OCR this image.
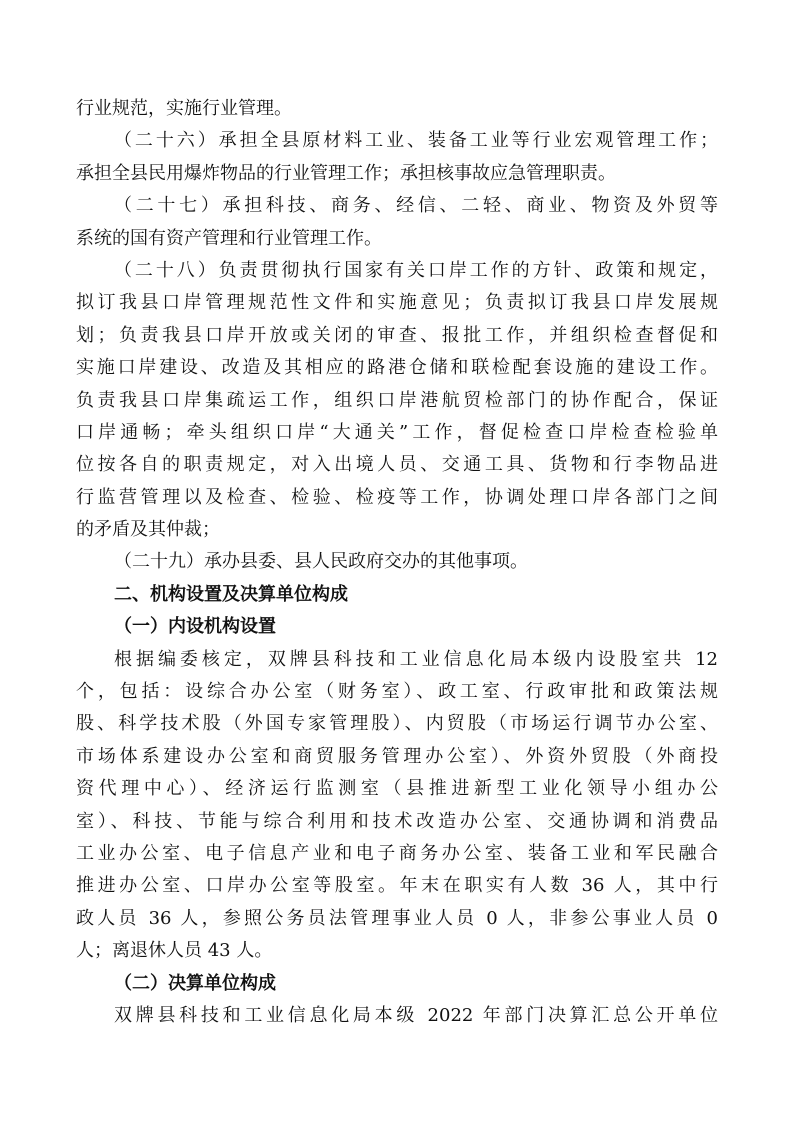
行业规范，实施行业管理。
（二十六）承担全县原材料工业、装备工业等行业宏观管理工作；
承担全县民用爆炸物品的行业管理工作；承担核事故应急管理职责。
（二十七）承担科技、商务、经信、二轻、商业、物资及外贸等
系统的国有资产管理和行业管理工作。
（二十八）负责贯彻执行国家有关口岸工作的方针、政策和规定，
拟订我县口岸管理规范性文件和实施意见；负责拟订我县口岸发展规
划；负责我县口岸开放或关闭的审查、报批工作，并组织检查督促和
实施口岸建设、改造及其相应的路港仓储和联检配套设施的建设工作。
负责我县口岸集疏运工作，组织口岸港航贸检部门的协作配合，保证
口岸通畅；牵头组织口岸“大通关”工作，督促检查口岸检查检验单
位按各自的职责规定，对入出境人员、交通工具、货物和行李物品进
行监营管理以及检查、检验、检疫等工作，协调处理口岸各部门之间
的矛盾及其仲裁；
（二十九）承办县委、县人民政府交办的其他事项。
二、机构设置及决算单位构成
（一）内设机构设置
根据编委核定，双牌县科技和工业信息化局本级内设股室共 12
个，包括：设综合办公室（财务室）、政工室、行政审批和政策法规
股、科学技术股（外国专家管理股）、内贸股（市场运行调节办公室、
市场体系建设办公室和商贸服务管理办公室）、外资外贸股（外商投
资代理中心）、经济运行监测室（县推进新型工业化领导小组办公
室）、科技、节能与综合利用和技术改造办公室、交通协调和消费品
工业办公室、电子信息产业和电子商务办公室、装备工业和军民融合
推进办公室、口岸办公室等股室。年末在职实有人数 36 人，其中行
政人员 36 人，参照公务员法管理事业人员 0 人，非参公事业人员 0
人；离退休人员 43 人。
（二）决算单位构成
双牌县科技和工业信息化局本级 2022 年部门决算汇总公开单位
